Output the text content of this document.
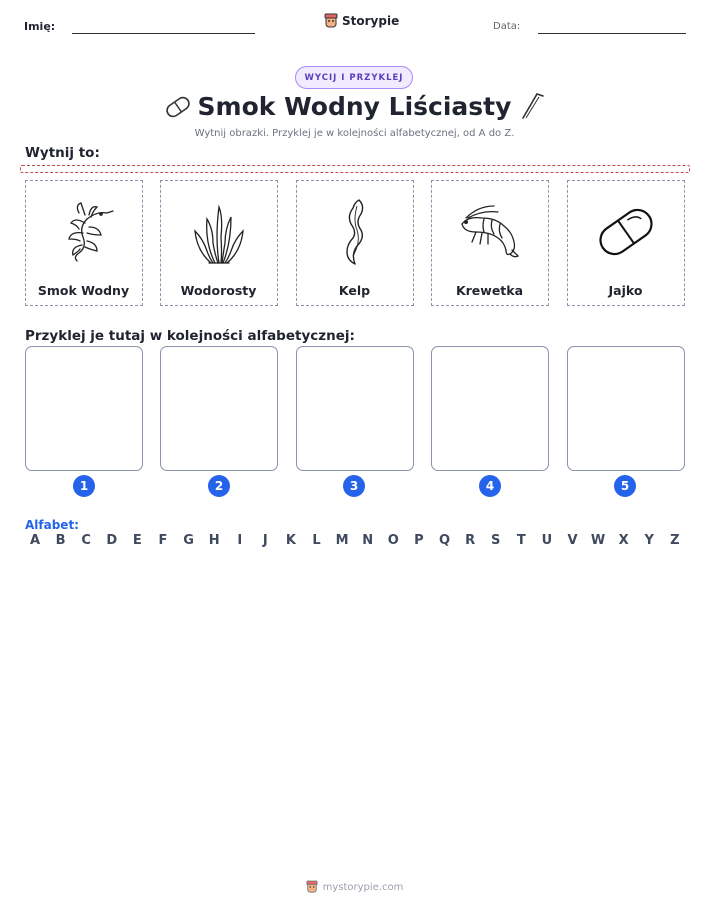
Imię:	Storypie	Data:
WYCIJ I PRZYKLEJ
Smok Wodny Liściasty
Wytnij obrazki. Przyklej je w kolejności alfabetycznej, od A do Z.
Wytnij to:
Smok Wodny	Wodorosty	Kelp	Krewetka	Jajko
Przyklej je tutaj w kolejności alfabetycznej:
1	2	3	4	5
Alfabet:
A	B	C	D	E	F	G	H	I	J	K	L	M	N	O	P	Q	R	S	T	U	V	W	X	Y	Z
mystorypie.com
